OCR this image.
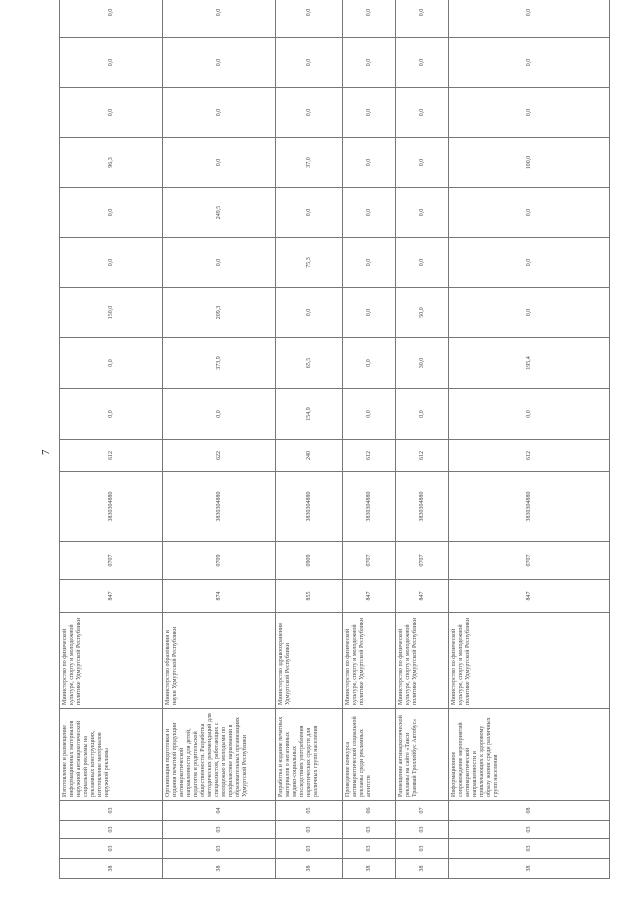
7
38	03	03	03	Изготовление и размещение информационных материалов наружной антинаркотической социальной рекламы на рекламных конструкциях, изготовление материалов наружной рекламы	Министерство по физической культуре, спорту и молодежной политике Удмуртской Республики	847	0707	3830304880	612	0,0	0,0	150,0	0,0	0,0	96,3	0,0	0,0	0,0	
38	03	03	04	Организация подготовки и издания печатной продукции антинаркотической направленности для детей, педагогов и родительской общественности. Разработка методических рекомендаций для специалистов, работающих с молодежью и молодыми по профилактике наркомании в образовательных организациях Удмуртской Республики	Министерство образования и науки Удмуртской Республики	874	0709	3830304880	622	0,0	373,9	209,3	0,0	249,5	0,0	0,0	0,0	0,0	
38	03	03	05	Разработка и издание печатных материалов о негативных медико-социальных последствиях употребления наркотических средств для различных групп населения	Министерство здравоохранения Удмуртской Республики	855	0909	3830304880	240	154,9	65,5	0,0	75,3	0,0	37,0	0,0	0,0	0,0	
38	03	03	06	Проведение конкурса антинаркотической социальной рекламы среди рекламных агентств	Министерство по физической культуре, спорту и молодежной политике Удмуртской Республики	847	0707	3830304880	612	0,0	0,0	0,0	0,0	0,0	0,0	0,0	0,0	0,0	
38	03	03	07	Размещение антинаркотической рекламы на сайте «Такси Трамвай Троллейбус Автобус»	Министерство по физической культуре, спорту и молодежной политике Удмуртской Республики	847	0707	3830304880	612	0,0	30,0	50,0	0,0	0,0	0,0	0,0	0,0	0,0	
38	03	03	08	Информационное сопровождение мероприятий антинаркотической направленности и привлекающих к здоровому образу жизни среди различных групп населения	Министерство по физической культуре, спорту и молодежной политике Удмуртской Республики	847	0707	3830304880	612	0,0	195,4	0,0	0,0	0,0	100,0	0,0	0,0	0,0	
